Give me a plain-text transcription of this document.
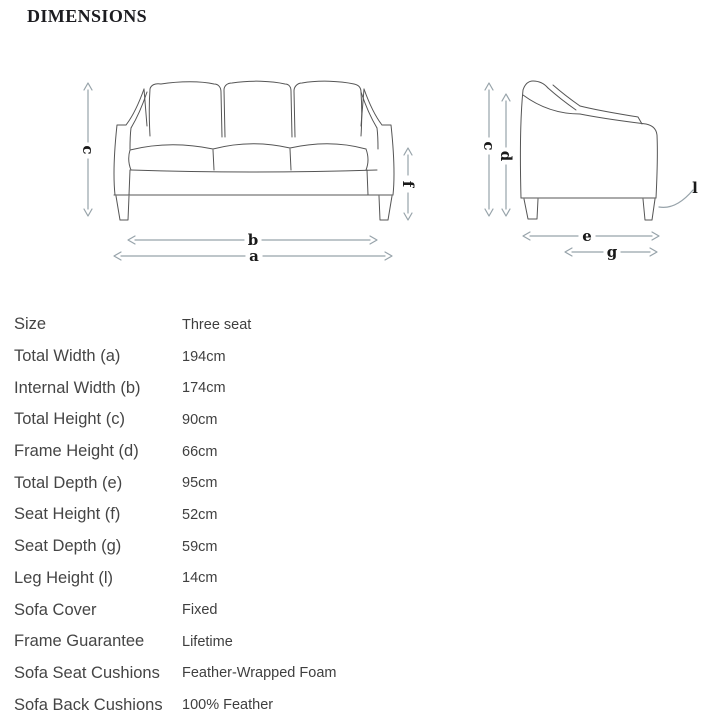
DIMENSIONS
c
f
b
a
c
d
e
g
l
Size	Three seat
Total Width (a)	194cm
Internal Width (b)	174cm
Total Height (c)	90cm
Frame Height (d)	66cm
Total Depth (e)	95cm
Seat Height (f)	52cm
Seat Depth (g)	59cm
Leg Height (l)	14cm
Sofa Cover	Fixed
Frame Guarantee	Lifetime
Sofa Seat Cushions	Feather-Wrapped Foam
Sofa Back Cushions	100% Feather
